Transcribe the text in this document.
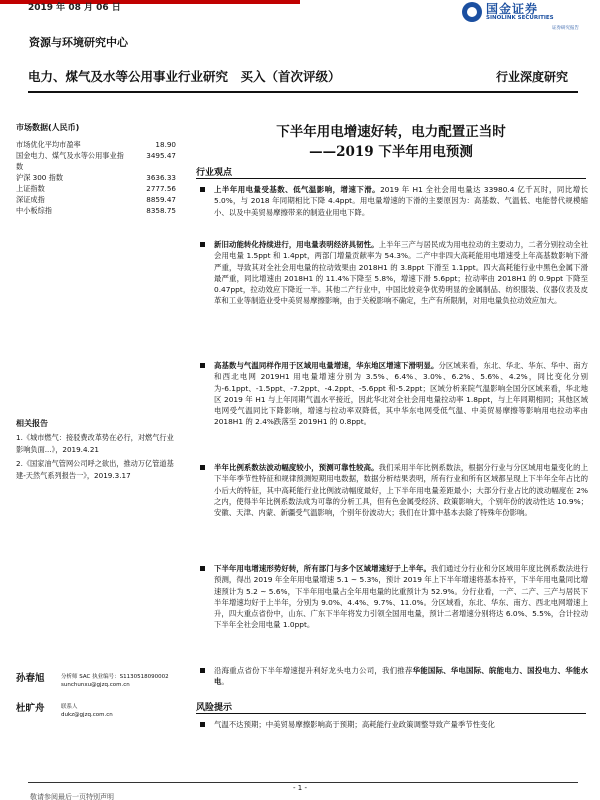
2019 年 08 月 06 日	国金证券
SINOLINK SECURITIES
证券研究报告
资源与环境研究中心
电力、煤气及水等公用事业行业研究　买入（首次评级）	行业深度研究
市场数据(人民币)
市场优化平均市盈率	18.90
国金电力、煤气及水等公用事业指数
3495.47
沪深 300 指数	3636.33
上证指数	2777.56
深证成指	8859.47
中小板综指	8358.75
相关报告
1.《城市燃气：接驳费改革势在必行，对燃气行业影响负面...》，2019.4.21
2.《国家油气管网公司呼之欲出，推动万亿管道基建-天然气系列报告一》，2019.3.17
孙春旭	分析师 SAC 执业编号：S1130518090002
sunchunxu@gjzq.com.cn
杜旷舟	联系人
dukz@gjzq.com.cn
下半年用电增速好转，电力配置正当时
——2019 下半年用电预测
行业观点
上半年用电量受基数、低气温影响，增速下滑。2019 年 H1 全社会用电量达 33980.4 亿千瓦时，同比增长 5.0%，与 2018 年同期相比下降 4.4ppt。用电量增速的下滑的主要原因为：高基数、气温低、电能替代规模缩小、以及中美贸易摩擦带来的制造业用电下降。
新旧动能转化持续进行，用电量表明经济具韧性。上半年三产与居民成为用电拉动的主要动力，二者分别拉动全社会用电量 1.5ppt 和 1.4ppt，两部门增量贡献率为 54.3%。二产中非四大高耗能用电增速受上年高基数影响下滑严重，导致其对全社会用电量的拉动效果由 2018H1 的 3.8ppt 下滑至 1.1ppt。四大高耗能行业中黑色金属下滑最严重，同比增速由 2018H1 的 11.4%下降至 5.8%，增速下滑 5.6ppt；拉动率由 2018H1 的 0.9ppt 下降至 0.47ppt，拉动效应下降近一半。其他二产行业中，中国比较竞争优势明显的金属制品、纺织服装、仪器仪表及皮革和工业等制造业受中美贸易摩擦影响，由于关税影响不确定，生产有所限制，对用电量负拉动效应加大。
高基数与气温同样作用于区域用电量增速，华东地区增速下滑明显。分区域来看，东北、华北、华东、华中、南方和西北电网 2019H1 用电量增速分别为 3.5%、6.4%、3.0%、6.2%、5.6%、4.2%，同比变化分别为-6.1ppt、-1.5ppt、-7.2ppt、-4.2ppt、-5.6ppt 和-5.2ppt；区域分析来院气温影响全国分区域来看，华北地区 2019 年 H1 与上年同期气温水平接近，因此华北对全社会用电量拉动率 1.8ppt，与上年同期相同；其他区域电网受气温同比下降影响，增速与拉动率双降低，其中华东电网受低气温、中美贸易摩擦等影响用电拉动率由 2018H1 的 2.4%跌落至 2019H1 的 0.8ppt。
半年比例系数法波动幅度较小，预测可靠性较高。我们采用半年比例系数法，根据分行业与分区域用电量变化的上下半年季节性特征和规律预测短期用电数据，数据分析结果表明，所有行业和所有区域都呈现上下半年全年占比的小后大的特征，其中高耗能行业比例波动幅度最好，上下半年用电量差距最小；大部分行业占比的波动幅度在 2%之内，使得半年比例系数法成为可靠的分析工具，但有色金属受经济、政策影响大，个别年份的波动性达 10.9%；安徽、天津、内蒙、新疆受气温影响，个别年份波动大；我们在计算中基本去除了特殊年份影响。
下半年用电增速形势好转，所有部门与多个区域增速好于上半年。我们通过分行业和分区域用年度比例系数法进行预测，得出 2019 年全年用电量增速 5.1 ~ 5.3%，预计 2019 年上下半年增速将基本持平，下半年用电量同比增速预计为 5.2 ~ 5.6%，下半年用电量占全年用电量的比重预计为 52.9%。分行业看，一产、二产、三产与居民下半年增速均好于上半年，分别为 9.0%、4.4%、9.7%、11.0%。分区域看，东北、华东、南方、西北电网增速上升，四大重点省份中，山东、广东下半年将发力引领全国用电量，预计二者增速分别将达 6.0%、5.5%，合计拉动下半年全社会用电量 1.0ppt。
沿海重点省份下半年增速提升利好龙头电力公司，我们推荐华能国际、华电国际、皖能电力、国投电力、华能水电。
风险提示
气温不达预期；中美贸易摩擦影响高于预期；高耗能行业政策调整导致产量季节性变化
- 1 -
敬请参阅最后一页特别声明
